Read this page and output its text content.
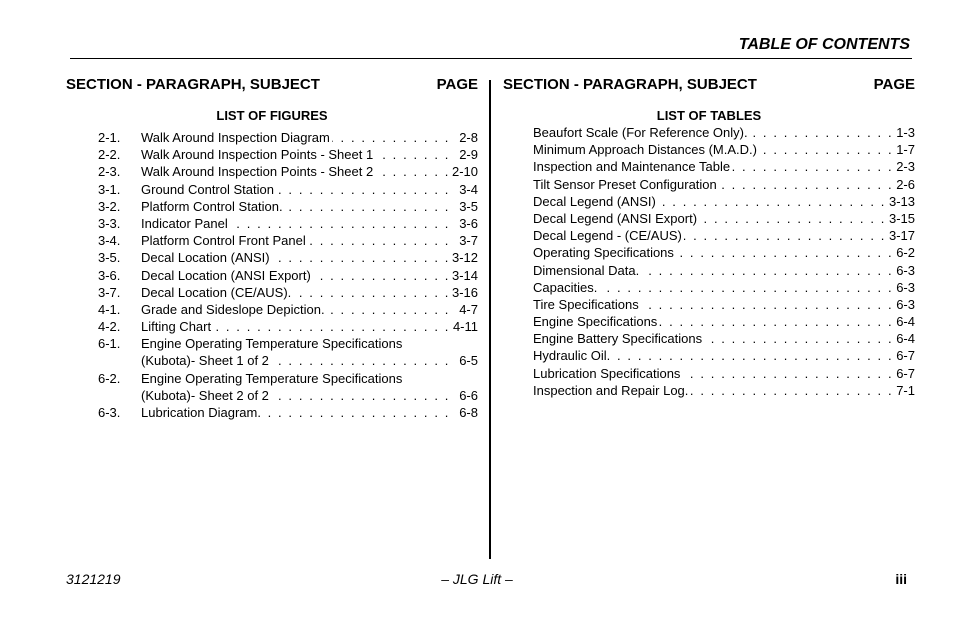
TABLE OF CONTENTS
SECTION - PARAGRAPH, SUBJECT	PAGE
LIST OF FIGURES
2-1. Walk Around Inspection Diagram . . .	2-8
2-2. Walk Around Inspection Points - Sheet 1 . . .	2-9
2-3. Walk Around Inspection Points - Sheet 2 . . .	2-10
3-1. Ground Control Station . . .	3-4
3-2. Platform Control Station. . . .	3-5
3-3. Indicator Panel . . .	3-6
3-4. Platform Control Front Panel . . .	3-7
3-5. Decal Location (ANSI) . . .	3-12
3-6. Decal Location (ANSI Export) . . .	3-14
3-7. Decal Location (CE/AUS). . . .	3-16
4-1. Grade and Sideslope Depiction. . . .	4-7
4-2. Lifting Chart . . .	4-11
6-1. Engine Operating Temperature Specifications
(Kubota)- Sheet 1 of 2 . . .	6-5
6-2. Engine Operating Temperature Specifications
(Kubota)- Sheet 2 of 2 . . .	6-6
6-3. Lubrication Diagram. . . .	6-8
SECTION - PARAGRAPH, SUBJECT	PAGE
LIST OF TABLES
Beaufort Scale (For Reference Only). . . .	1-3
Minimum Approach Distances (M.A.D.) . . .	1-7
Inspection and Maintenance Table . . .	2-3
Tilt Sensor Preset Configuration . . .	2-6
Decal Legend (ANSI) . . .	3-13
Decal Legend (ANSI Export) . . .	3-15
Decal Legend - (CE/AUS) . . .	3-17
Operating Specifications . . .	6-2
Dimensional Data. . . .	6-3
Capacities. . . .	6-3
Tire Specifications . . .	6-3
Engine Specifications . . .	6-4
Engine Battery Specifications . . .	6-4
Hydraulic Oil. . . .	6-7
Lubrication Specifications . . .	6-7
Inspection and Repair Log. . . .	7-1
3121219	– JLG Lift –	iii
